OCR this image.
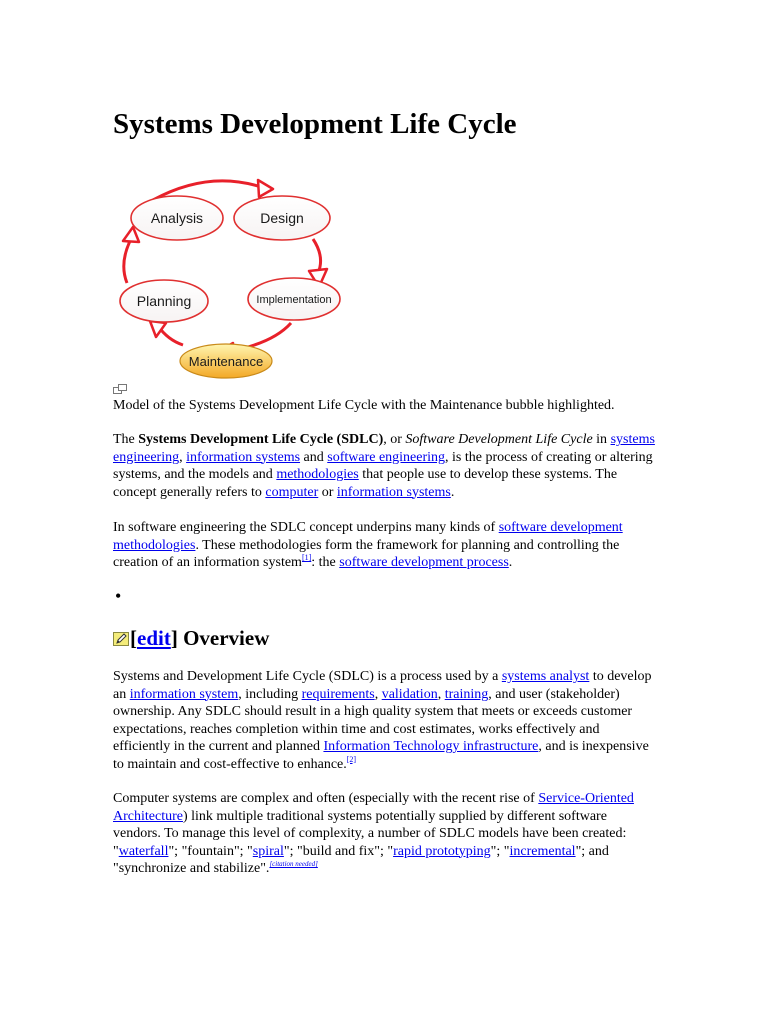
Systems Development Life Cycle
Analysis	Design
Implementation
Planning
Maintenance
Model of the Systems Development Life Cycle with the Maintenance bubble highlighted.

The Systems Development Life Cycle (SDLC), or Software Development Life Cycle in systems engineering, information systems and software engineering, is the process of creating or altering systems, and the models and methodologies that people use to develop these systems. The concept generally refers to computer or information systems.

In software engineering the SDLC concept underpins many kinds of software development methodologies. These methodologies form the framework for planning and controlling the creation of an information system[1]: the software development process.

•
[edit] Overview

Systems and Development Life Cycle (SDLC) is a process used by a systems analyst to develop an information system, including requirements, validation, training, and user (stakeholder) ownership. Any SDLC should result in a high quality system that meets or exceeds customer expectations, reaches completion within time and cost estimates, works effectively and efficiently in the current and planned Information Technology infrastructure, and is inexpensive to maintain and cost-effective to enhance.[2]

Computer systems are complex and often (especially with the recent rise of Service-Oriented Architecture) link multiple traditional systems potentially supplied by different software vendors. To manage this level of complexity, a number of SDLC models have been created: "waterfall"; "fountain"; "spiral"; "build and fix"; "rapid prototyping"; "incremental"; and "synchronize and stabilize".[citation needed]
